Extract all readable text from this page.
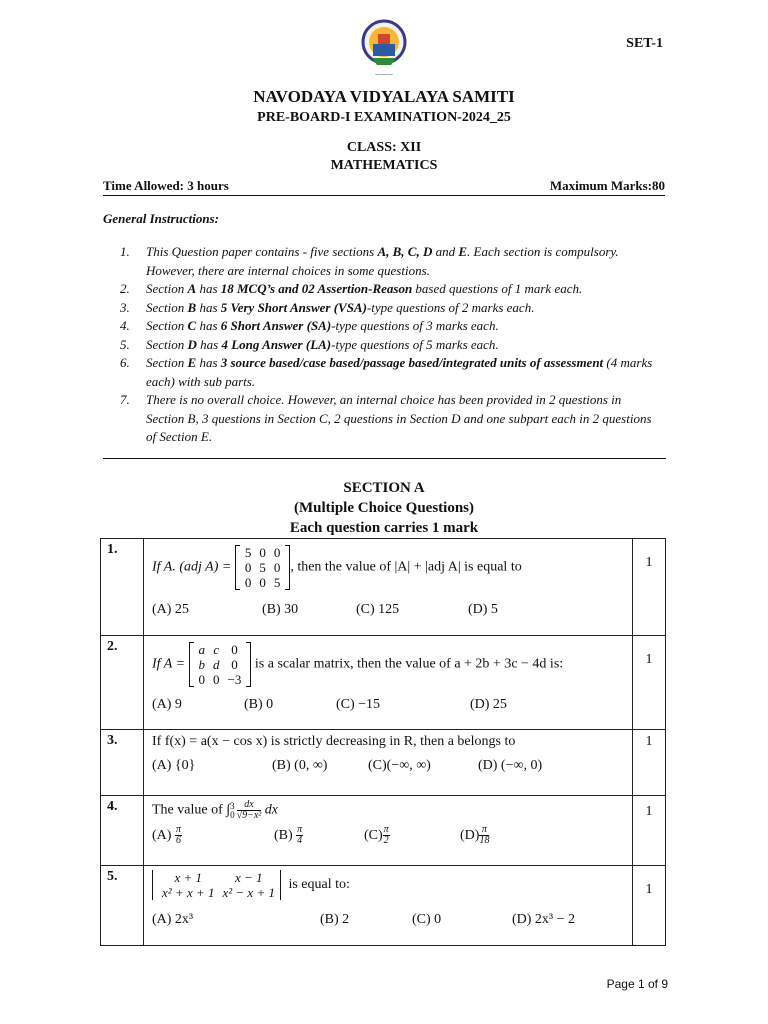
SET-1
———
NAVODAYA VIDYALAYA SAMITI
PRE-BOARD-I EXAMINATION-2024_25
CLASS: XII
MATHEMATICS
Time Allowed: 3 hours	Maximum Marks:80
General Instructions:
1. This Question paper contains - five sections A, B, C, D and E. Each section is compulsory. However, there are internal choices in some questions.
2. Section A has 18 MCQ’s and 02 Assertion-Reason based questions of 1 mark each.
3. Section B has 5 Very Short Answer (VSA)-type questions of 2 marks each.
4. Section C has 6 Short Answer (SA)-type questions of 3 marks each.
5. Section D has 4 Long Answer (LA)-type questions of 5 marks each.
6. Section E has 3 source based/case based/passage based/integrated units of assessment (4 marks each) with sub parts.
7. There is no overall choice. However, an internal choice has been provided in 2 questions in Section B, 3 questions in Section C, 2 questions in Section D and one subpart each in 2 questions of Section E.
SECTION A
(Multiple Choice Questions)
Each question carries 1 mark
1.	
If A. (adj A) =
5	0	0
0	5	0
0	0	5
, then the value of |A| + |adj A| is equal to
(A) 25	(B) 30	(C) 125	(D) 5
	1
2.	
If A =
a	c	0
b	d	0
0	0	−3
is a scalar matrix, then the value of a + 2b + 3c − 4d is:
(A) 9	(B) 0	(C) −15	(D) 25
	1
3.	If f(x) = a(x − cos x) is strictly decreasing in R, then a belongs to
(A) {0}	(B) (0, ∞)	(C)(−∞, ∞)	(D) (−∞, 0)
	1
4.	The value of ∫ 3
$0 \frac{dx}{\text{√9−x²}}$ dx
$(A) \frac{\pi}{6}$	$(B) \frac{\pi}{4}$	$(C) \frac{\pi}{2}$	$(D) \frac{\pi}{18}$
	1
5.		x + 1	x − 1
x² + x + 1	x² − x + 1
is equal to:
(A) 2x³	(B) 2	(C) 0	(D) 2x³ − 2
	1
Page 1 of 9
